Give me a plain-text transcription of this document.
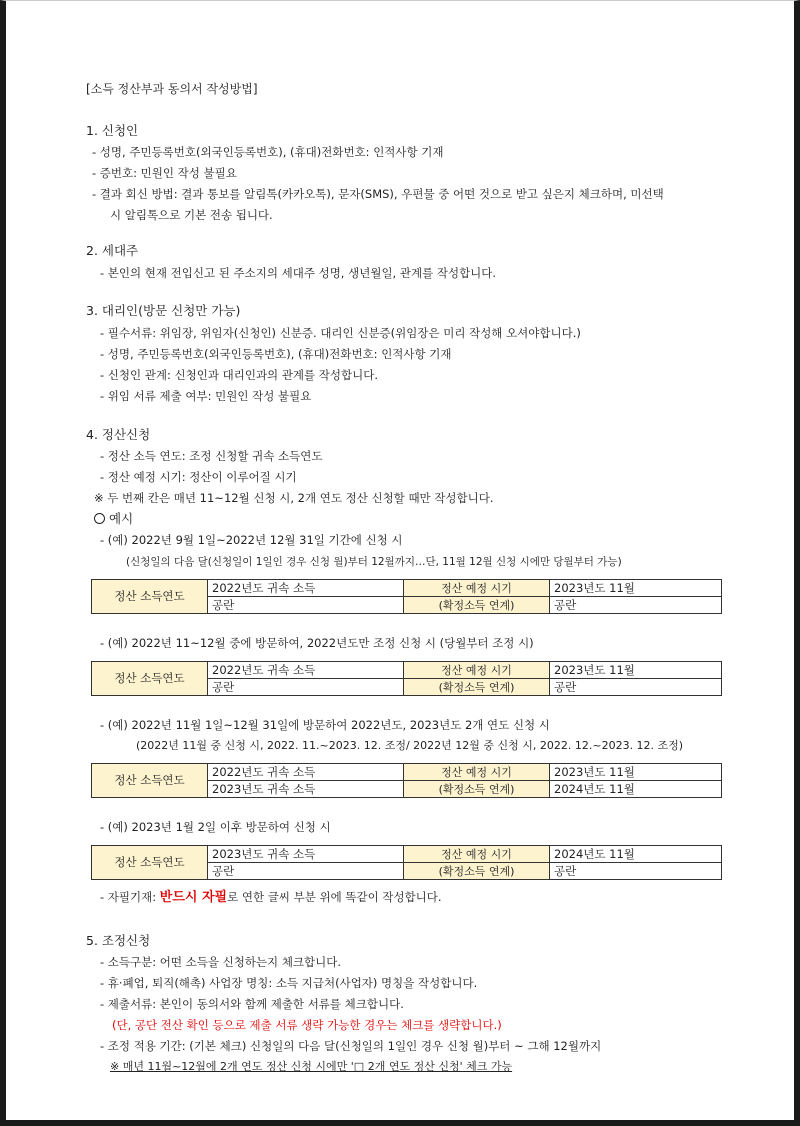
[소득 정산부과 동의서 작성방법]
1. 신청인
- 성명, 주민등록번호(외국인등록번호), (휴대)전화번호: 인적사항 기재
- 증번호: 민원인 작성 불필요
- 결과 회신 방법: 결과 통보를 알림톡(카카오톡), 문자(SMS), 우편물 중 어떤 것으로 받고 싶은지 체크하며, 미선택
시 알림톡으로 기본 전송 됩니다.
2. 세대주
- 본인의 현재 전입신고 된 주소지의 세대주 성명, 생년월일, 관계를 작성합니다.
3. 대리인(방문 신청만 가능)
- 필수서류: 위임장, 위임자(신청인) 신분증. 대리인 신분증(위임장은 미리 작성해 오셔야합니다.)
- 성명, 주민등록번호(외국인등록번호), (휴대)전화번호: 인적사항 기재
- 신청인 관계: 신청인과 대리인과의 관계를 작성합니다.
- 위임 서류 제출 여부: 민원인 작성 불필요
4. 정산신청
- 정산 소득 연도: 조정 신청할 귀속 소득연도
- 정산 예정 시기: 정산이 이루어질 시기
※ 두 번째 칸은 매년 11~12월 신청 시, 2개 연도 정산 신청할 때만 작성합니다.
예시
- (예) 2022년 9월 1일~2022년 12월 31일 기간에 신청 시
(신청일의 다음 달(신청일이 1일인 경우 신청 월)부터 12월까지…단, 11월 12월 신청 시에만 당월부터 가능)
정산 소득연도	2022년도 귀속 소득	정산 예정 시기	2023년도 11월
	공란	(확정소득 연계)	공란
- (예) 2022년 11~12월 중에 방문하여, 2022년도만 조정 신청 시 (당월부터 조정 시)
정산 소득연도	2022년도 귀속 소득	정산 예정 시기	2023년도 11월
	공란	(확정소득 연계)	공란
- (예) 2022년 11월 1일~12월 31일에 방문하여 2022년도, 2023년도 2개 연도 신청 시
(2022년 11월 중 신청 시, 2022. 11.~2023. 12. 조정/ 2022년 12월 중 신청 시, 2022. 12.~2023. 12. 조정)
정산 소득연도	2022년도 귀속 소득	정산 예정 시기	2023년도 11월
	2023년도 귀속 소득	(확정소득 연계)	2024년도 11월
- (예) 2023년 1월 2일 이후 방문하여 신청 시
정산 소득연도	2023년도 귀속 소득	정산 예정 시기	2024년도 11월
	공란	(확정소득 연계)	공란
- 자필기재: 반드시 자필로 연한 글씨 부분 위에 똑같이 작성합니다.
5. 조정신청
- 소득구분: 어떤 소득을 신청하는지 체크합니다.
- 휴·폐업, 퇴직(해촉) 사업장 명칭: 소득 지급처(사업자) 명칭을 작성합니다.
- 제출서류: 본인이 동의서와 함께 제출한 서류를 체크합니다.
(단, 공단 전산 확인 등으로 제출 서류 생략 가능한 경우는 체크를 생략합니다.)
- 조정 적용 기간: (기본 체크) 신청일의 다음 달(신청일의 1일인 경우 신청 월)부터 ~ 그해 12월까지
※ 매년 11월~12월에 2개 연도 정산 신청 시에만 '□ 2개 연도 정산 신청' 체크 가능
